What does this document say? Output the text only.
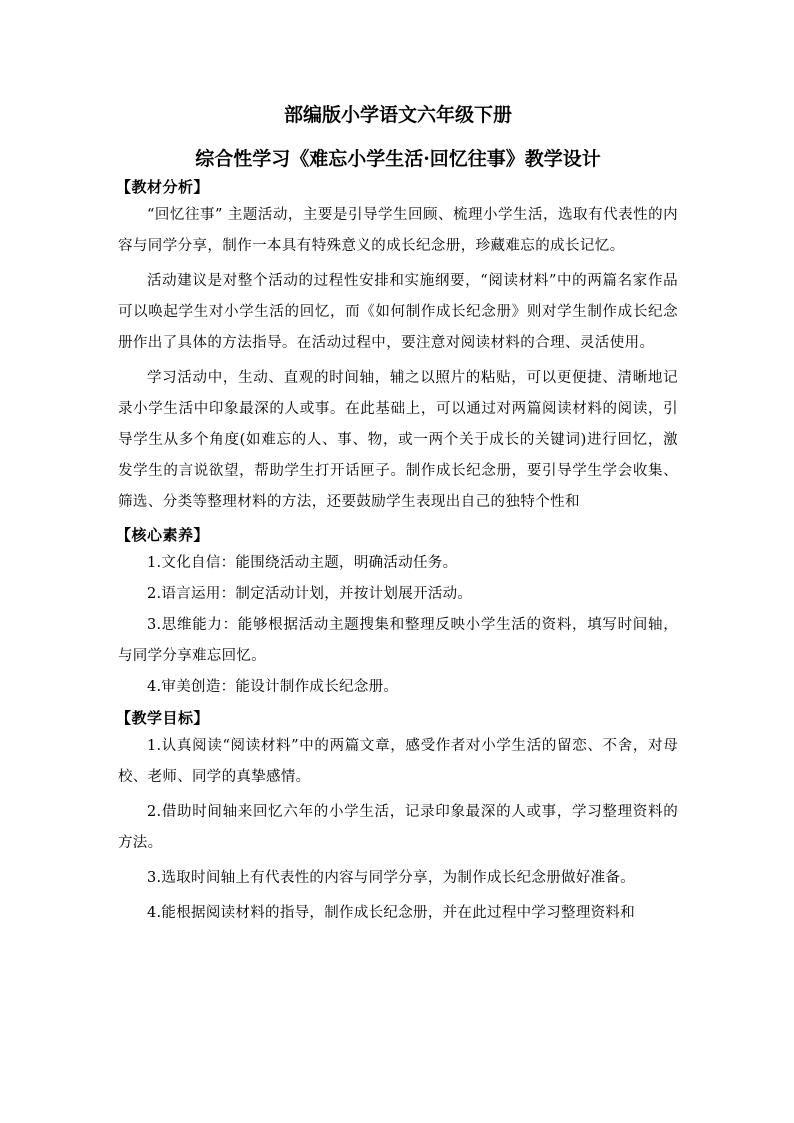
部编版小学语文六年级下册

综合性学习《难忘小学生活·回忆往事》教学设计

【教材分析】

“回忆往事” 主题活动，主要是引导学生回顾、梳理小学生活，选取有代表性的内容与同学分享，制作一本具有特殊意义的成长纪念册，珍藏难忘的成长记忆。

活动建议是对整个活动的过程性安排和实施纲要，“阅读材料”中的两篇名家作品可以唤起学生对小学生活的回忆，而《如何制作成长纪念册》则对学生制作成长纪念册作出了具体的方法指导。在活动过程中，要注意对阅读材料的合理、灵活使用。

学习活动中，生动、直观的时间轴，辅之以照片的粘贴，可以更便捷、清晰地记录小学生活中印象最深的人或事。在此基础上，可以通过对两篇阅读材料的阅读，引导学生从多个角度(如难忘的人、事、物，或一两个关于成长的关键词)进行回忆，激发学生的言说欲望，帮助学生打开话匣子。制作成长纪念册，要引导学生学会收集、筛选、分类等整理材料的方法，还要鼓励学生表现出自己的独特个性和

【核心素养】

1.文化自信：能围绕活动主题，明确活动任务。

2.语言运用：制定活动计划，并按计划展开活动。

3.思维能力：能够根据活动主题搜集和整理反映小学生活的资料，填写时间轴，与同学分享难忘回忆。

4.审美创造：能设计制作成长纪念册。

【教学目标】

1.认真阅读“阅读材料”中的两篇文章，感受作者对小学生活的留恋、不舍，对母校、老师、同学的真挚感情。

2.借助时间轴来回忆六年的小学生活，记录印象最深的人或事，学习整理资料的方法。

3.选取时间轴上有代表性的内容与同学分享，为制作成长纪念册做好准备。

4.能根据阅读材料的指导，制作成长纪念册，并在此过程中学习整理资料和
